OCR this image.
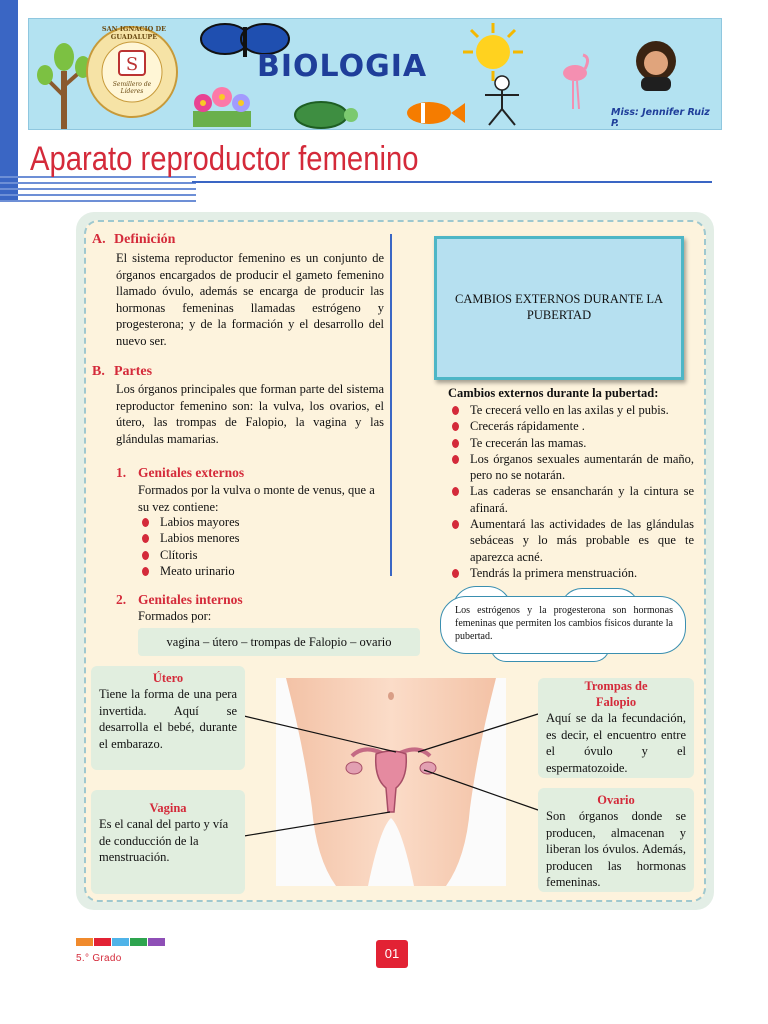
S
SAN IGNACIO DE GUADALUPE
Semillero de Líderes
BIOLOGIA
Miss: Jennifer Ruiz P.
Aparato reproductor femenino
A. Definición
El sistema reproductor femenino es un conjunto de órganos encargados de producir el gameto femenino llamado óvulo, además se encarga de producir las hormonas femeninas llamadas estrógeno y progesterona; y de la formación y el desarrollo del nuevo ser.
B. Partes
Los órganos principales que forman parte del sistema reproductor femenino son: la vulva, los ovarios, el útero, las trompas de Falopio, la vagina y las glándulas mamarias.
1. Genitales externos
Formados por la vulva o monte de venus, que a su vez contiene:
Labios mayores
Labios menores
Clítoris
Meato urinario
2. Genitales internos
Formados por:
vagina – útero – trompas de Falopio – ovario
CAMBIOS EXTERNOS DURANTE LA PUBERTAD
Cambios externos durante la pubertad:
Te crecerá vello en las axilas y el pubis.
Crecerás rápidamente .
Te crecerán las mamas.
Los órganos sexuales aumentarán de maño, pero no se notarán.
Las caderas se ensancharán y la cintura se afinará.
Aumentará las actividades de las glándulas sebáceas y lo más probable es que te aparezca acné.
Tendrás la primera menstruación.
Los estrógenos y la progesterona son hormonas femeninas que permiten los cambios físicos durante la pubertad.
Útero
Tiene la forma de una pera invertida. Aquí se desarrolla el bebé, durante el embarazo.
Vagina
Es el canal del parto y vía de conducción de la menstruación.
Trompas de Falopio
Aquí se da la fecundación, es decir, el encuentro entre el óvulo y el espermatozoide.
Ovario
Son órganos donde se producen, almacenan y liberan los óvulos. Además, producen las hormonas femeninas.
5.° Grado	01
